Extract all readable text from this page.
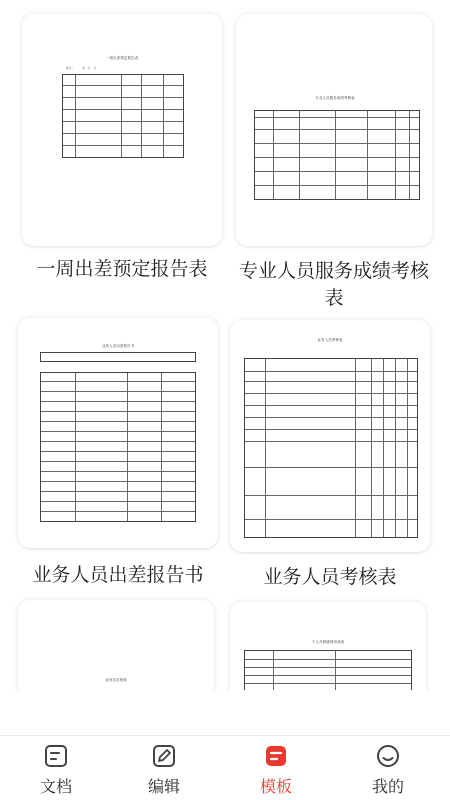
一周出差预定报告表
姓名：         年   月   日
一周出差预定报告表
专业人员服务成绩考核表
专业人员服务成绩考核表
业务人员出差报告书
业务人员出差报告书
业务人员考核表
业务人员考核表
业务员月报表
个人升职级别申请表
文档	编辑	模板	我的
